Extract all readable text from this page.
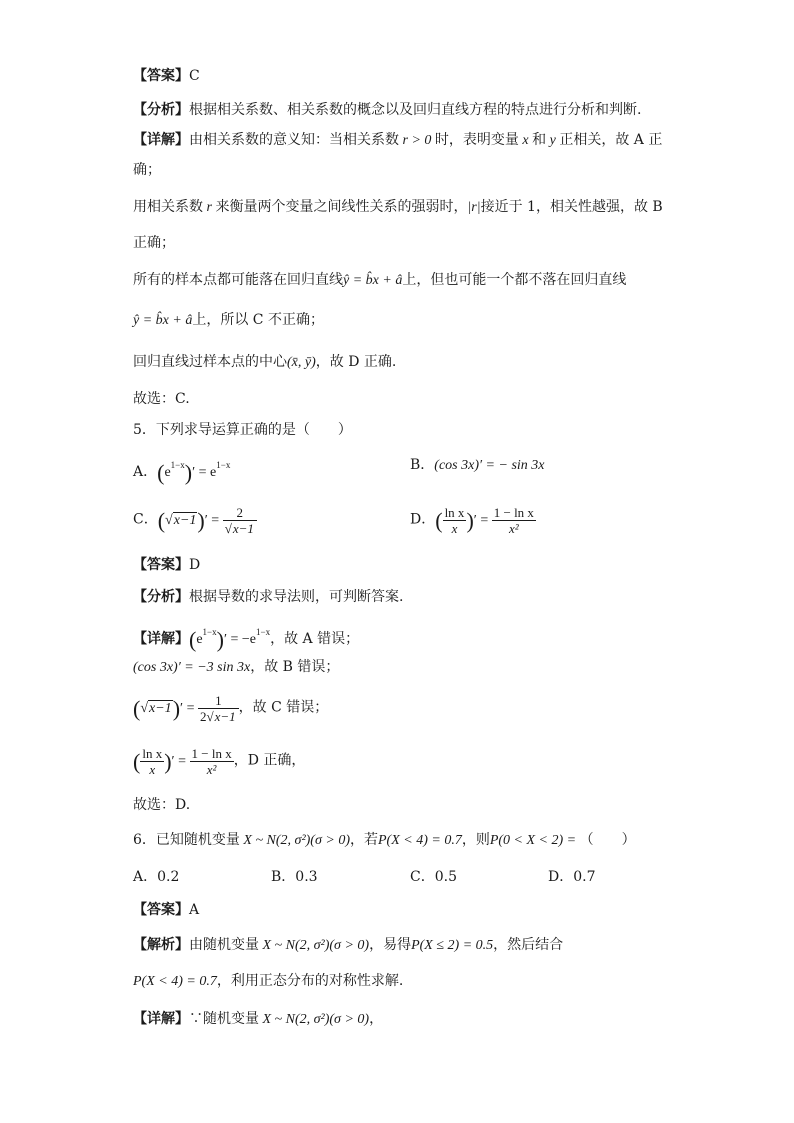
【答案】C
【分析】根据相关系数、相关系数的概念以及回归直线方程的特点进行分析和判断.
【详解】由相关系数的意义知：当相关系数 r > 0 时，表明变量 x 和 y 正相关，故 A 正
确；
用相关系数 r 来衡量两个变量之间线性关系的强弱时，|r|接近于 1，相关性越强，故 B
正确；
所有的样本点都可能落在回归直线ŷ = b̂x + â上，但也可能一个都不落在回归直线
ŷ = b̂x + â上，所以 C 不正确；
回归直线过样本点的中心(x̄, ȳ)，故 D 正确.
故选：C.
5．下列求导运算正确的是（　　）
A．$(e^{1-x})' = e^{1-x}$	B．(cos 3x)′ = − sin 3x
C．$(√x-1)' = \frac{2}{√x-1}$	D．( $\frac{\text{ln x}}{x}$ )′ = $\frac{\text{1 − ln x}}{\text{x²}}$
【答案】D
【分析】根据导数的求导法则，可判断答案.
【详解】$(e^{1-x})' = -e^{1-x}$，故 A 错误；
(cos 3x)′ = −3 sin 3x，故 B 错误；
$(√x-1)' = \frac{1}{2√x-1}$ ，故 C 错误；
( $\frac{\text{ln x}}{x}$ )′ = $\frac{\text{1 − ln x}}{\text{x²}}$ ，D 正确，
故选：D.
6．已知随机变量 X ~ N(2, σ²)(σ > 0)，若P(X < 4) = 0.7，则P(0 < X < 2) = （　　）
A．0.2	B．0.3	C．0.5	D．0.7
【答案】A
【解析】由随机变量 X ~ N(2, σ²)(σ > 0)，易得P(X ≤ 2) = 0.5，然后结合
P(X < 4) = 0.7，利用正态分布的对称性求解.
【详解】∵随机变量 X ~ N(2, σ²)(σ > 0)，
